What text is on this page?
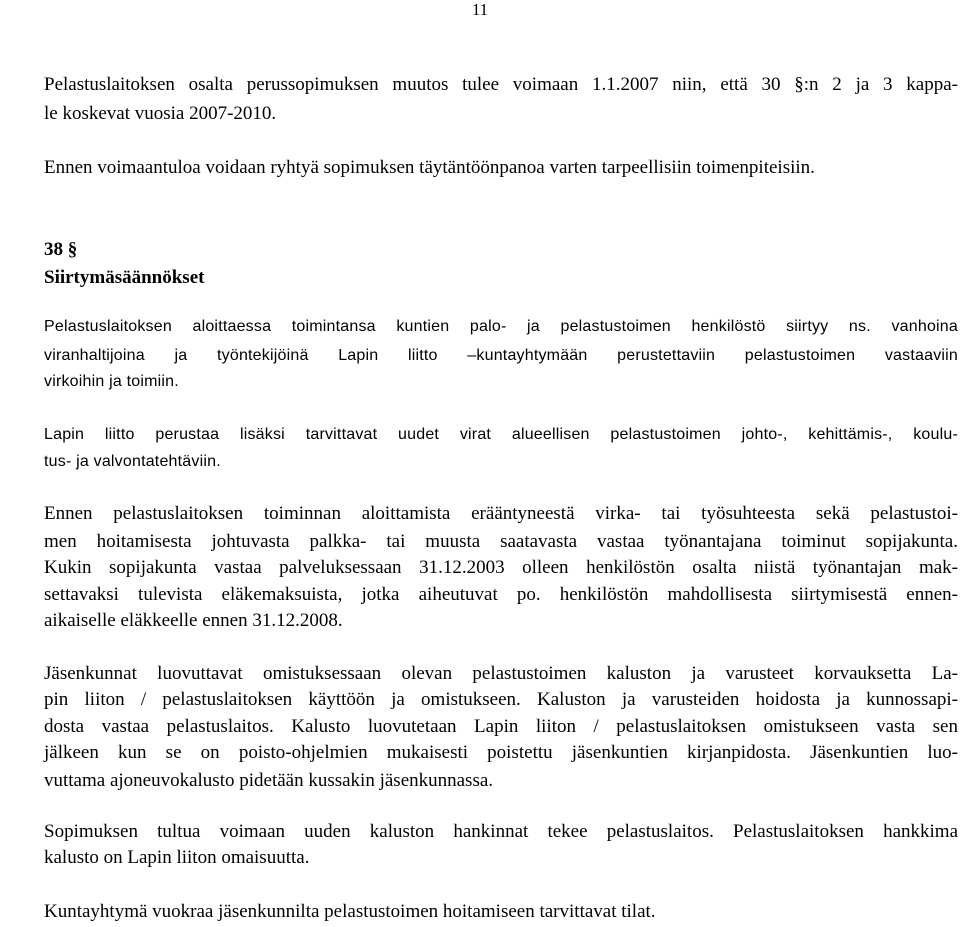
11
Pelastuslaitoksen osalta perussopimuksen muutos tulee voimaan 1.1.2007 niin, että 30 §:n 2 ja 3 kappa-
le koskevat vuosia 2007-2010.
Ennen voimaantuloa voidaan ryhtyä sopimuksen täytäntöönpanoa varten tarpeellisiin toimenpiteisiin.
38 §
Siirtymäsäännökset
Pelastuslaitoksen aloittaessa toimintansa kuntien palo- ja pelastustoimen henkilöstö siirtyy ns. vanhoina
viranhaltijoina ja työntekijöinä Lapin liitto –kuntayhtymään perustettaviin pelastustoimen vastaaviin
virkoihin ja toimiin.
Lapin liitto perustaa lisäksi tarvittavat uudet virat alueellisen pelastustoimen johto-, kehittämis-, koulu-
tus- ja valvontatehtäviin.
Ennen pelastuslaitoksen toiminnan aloittamista erääntyneestä virka- tai työsuhteesta sekä pelastustoi-
men hoitamisesta johtuvasta palkka- tai muusta saatavasta vastaa työnantajana toiminut sopijakunta.
Kukin sopijakunta vastaa palveluksessaan 31.12.2003 olleen henkilöstön osalta niistä työnantajan mak-
settavaksi tulevista eläkemaksuista, jotka aiheutuvat po. henkilöstön mahdollisesta siirtymisestä ennen-
aikaiselle eläkkeelle ennen 31.12.2008.
Jäsenkunnat luovuttavat omistuksessaan olevan pelastustoimen kaluston ja varusteet korvauksetta La-
pin liiton / pelastuslaitoksen käyttöön ja omistukseen. Kaluston ja varusteiden hoidosta ja kunnossapi-
dosta vastaa pelastuslaitos. Kalusto luovutetaan Lapin liiton / pelastuslaitoksen omistukseen vasta sen
jälkeen kun se on poisto-ohjelmien mukaisesti poistettu jäsenkuntien kirjanpidosta. Jäsenkuntien luo-
vuttama ajoneuvokalusto pidetään kussakin jäsenkunnassa.
Sopimuksen tultua voimaan uuden kaluston hankinnat tekee pelastuslaitos. Pelastuslaitoksen hankkima
kalusto on Lapin liiton omaisuutta.
Kuntayhtymä vuokraa jäsenkunnilta pelastustoimen hoitamiseen tarvittavat tilat.
